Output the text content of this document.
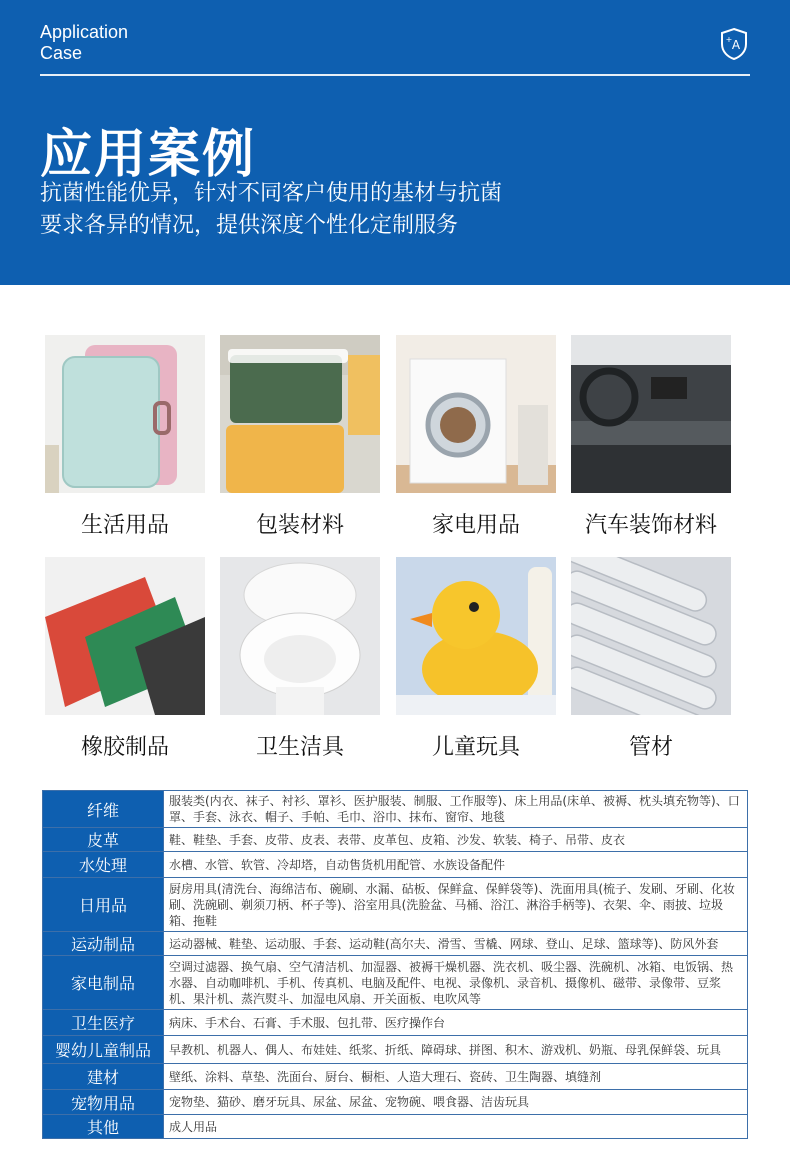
Application
Case	A
+
应用案例
抗菌性能优异，针对不同客户使用的基材与抗菌
要求各异的情况，提供深度个性化定制服务
生活用品	包装材料	家电用品	汽车装饰材料
橡胶制品	卫生洁具	儿童玩具	管材
纤维	服装类(内衣、袜子、衬衫、罩衫、医护服装、制服、工作服等)、床上用品(床单、被褥、枕头填充物等)、口罩、手套、泳衣、帽子、手帕、毛巾、浴巾、抹布、窗帘、地毯
皮革	鞋、鞋垫、手套、皮带、皮表、表带、皮革包、皮箱、沙发、软装、椅子、吊带、皮衣
水处理	水槽、水管、软管、冷却塔，自动售货机用配管、水族设备配件
日用品	厨房用具(清洗台、海绵洁布、碗刷、水漏、砧板、保鲜盒、保鲜袋等)、洗面用具(梳子、发刷、牙刷、化妆刷、洗碗刷、剃须刀柄、杯子等)、浴室用具(洗脸盆、马桶、浴江、淋浴手柄等)、衣架、伞、雨披、垃圾箱、拖鞋
运动制品	运动器械、鞋垫、运动服、手套、运动鞋(高尔夫、滑雪、雪橇、网球、登山、足球、篮球等)、防风外套
家电制品	空调过滤器、换气扇、空气清洁机、加湿器、被褥干燥机器、洗衣机、吸尘器、洗碗机、冰箱、电饭锅、热水器、自动咖啡机、手机、传真机、电脑及配件、电视、录像机、录音机、摄像机、磁带、录像带、豆浆机、果汁机、蒸汽熨斗、加湿电风扇、开关面板、电吹风等
卫生医疗	病床、手术台、石膏、手术服、包扎带、医疗操作台
婴幼儿童制品	早教机、机器人、偶人、布娃娃、纸浆、折纸、障碍球、拼图、积木、游戏机、奶瓶、母乳保鲜袋、玩具
建材	壁纸、涂料、草垫、洗面台、厨台、橱柜、人造大理石、瓷砖、卫生陶器、填缝剂
宠物用品	宠物垫、猫砂、磨牙玩具、尿盆、尿盆、宠物碗、喂食器、洁齿玩具
其他	成人用品
